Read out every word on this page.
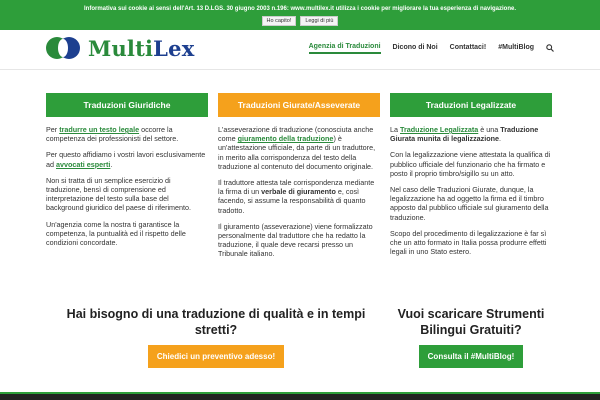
Informativa sui cookie ai sensi dell'Art. 13 D.LGS. 30 giugno 2003 n.196: www.multilex.it utilizza i cookie per migliorare la tua esperienza di navigazione.
Ho capito!	Leggi di più
MultiLex	Agenzia di Traduzioni Dicono di Noi Contattaci! #MultiBlog
Traduzioni Giuridiche

Per tradurre un testo legale occorre la competenza dei professionisti del settore.

Per questo affidiamo i vostri lavori esclusivamente ad avvocati esperti.

Non si tratta di un semplice esercizio di traduzione, bensì di comprensione ed interpretazione del testo sulla base del background giuridico del paese di riferimento.

Un'agenzia come la nostra ti garantisce la competenza, la puntualità ed il rispetto delle condizioni concordate.

Traduzioni Giurate/Asseverate

L'asseverazione di traduzione (conosciuta anche come giuramento della traduzione) è un'attestazione ufficiale, da parte di un traduttore, in merito alla corrispondenza del testo della traduzione al contenuto del documento originale.

Il traduttore attesta tale corrispondenza mediante la firma di un verbale di giuramento e, così facendo, si assume la responsabilità di quanto tradotto.

Il giuramento (asseverazione) viene formalizzato personalmente dal traduttore che ha redatto la traduzione, il quale deve recarsi presso un Tribunale italiano.

Traduzioni Legalizzate

La Traduzione Legalizzata è una Traduzione Giurata munita di legalizzazione.

Con la legalizzazione viene attestata la qualifica di pubblico ufficiale del funzionario che ha firmato e posto il proprio timbro/sigillo su un atto.

Nel caso delle Traduzioni Giurate, dunque, la legalizzazione ha ad oggetto la firma ed il timbro apposto dal pubblico ufficiale sul giuramento della traduzione.

Scopo del procedimento di legalizzazione è far sì che un atto formato in Italia possa produrre effetti legali in uno Stato estero.

Hai bisogno di una traduzione di qualità e in tempi stretti?
Chiedici un preventivo adesso!
Vuoi scaricare Strumenti Bilingui Gratuiti?
Consulta il #MultiBlog!
